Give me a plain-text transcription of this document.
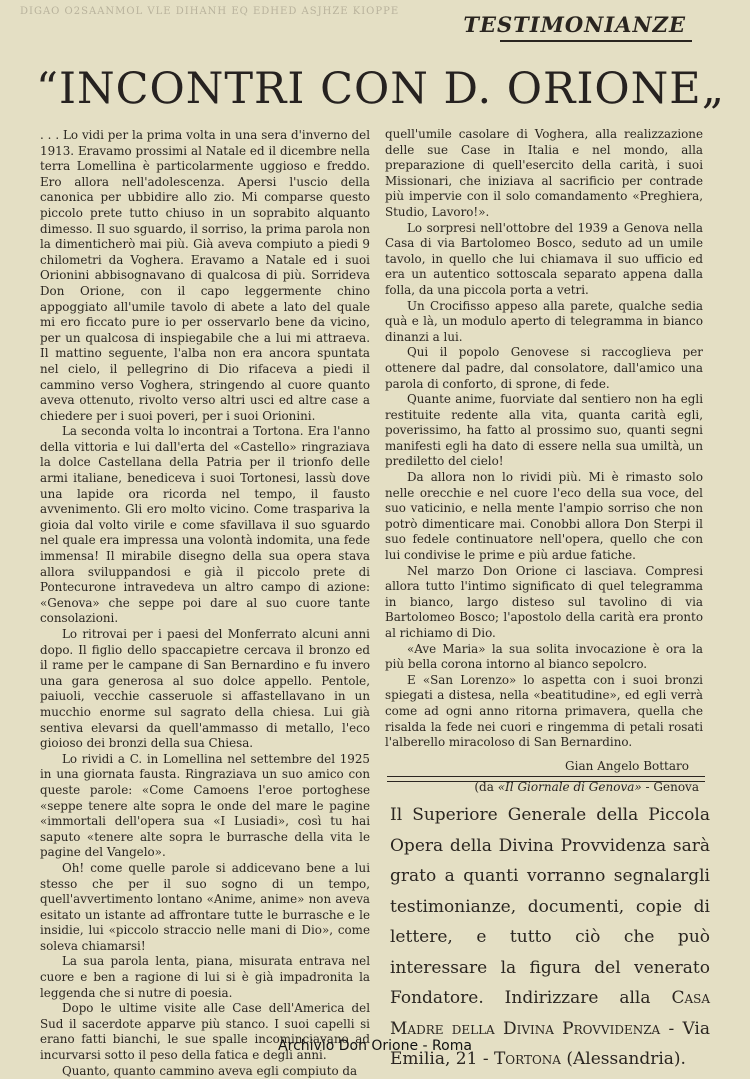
DIGAO O2SAANMOL VLE DIHANH EQ EDHED ASJHZE KIOPPE
TESTIMONIANZE
“INCONTRI CON D. ORIONE„

. . . Lo vidi per la prima volta in una sera d'inverno del 1913. Eravamo prossimi al Natale ed il dicembre nella terra Lomellina è particolarmente uggioso e freddo. Ero allora nell'adolescenza. Apersi l'uscio della canonica per ubbidire allo zio. Mi comparse questo piccolo prete tutto chiuso in un soprabito alquanto dimesso. Il suo sguardo, il sorriso, la prima parola non la dimenticherò mai più. Già aveva compiuto a piedi 9 chilometri da Voghera. Eravamo a Natale ed i suoi Orionini abbisognavano di qualcosa di più. Sorrideva Don Orione, con il capo leggermente chino appoggiato all'umile tavolo di abete a lato del quale mi ero ficcato pure io per osservarlo bene da vicino, per un qualcosa di inspiegabile che a lui mi attraeva. Il mattino seguente, l'alba non era ancora spuntata nel cielo, il pellegrino di Dio rifaceva a piedi il cammino verso Voghera, stringendo al cuore quanto aveva ottenuto, rivolto verso altri usci ed altre case a chiedere per i suoi poveri, per i suoi Orionini.

La seconda volta lo incontrai a Tortona. Era l'anno della vittoria e lui dall'erta del «Castello» ringraziava la dolce Castellana della Patria per il trionfo delle armi italiane, benediceva i suoi Tortonesi, lassù dove una lapide ora ricorda nel tempo, il fausto avvenimento. Gli ero molto vicino. Come traspariva la gioia dal volto virile e come sfavillava il suo sguardo nel quale era impressa una volontà indomita, una fede immensa! Il mirabile disegno della sua opera stava allora sviluppandosi e già il piccolo prete di Pontecurone intravedeva un altro campo di azione: «Genova» che seppe poi dare al suo cuore tante consolazioni.

Lo ritrovai per i paesi del Monferrato alcuni anni dopo. Il figlio dello spaccapietre cercava il bronzo ed il rame per le campane di San Bernardino e fu invero una gara generosa al suo dolce appello. Pentole, paiuoli, vecchie casseruole si affastellavano in un mucchio enorme sul sagrato della chiesa. Lui già sentiva elevarsi da quell'ammasso di metallo, l'eco gioioso dei bronzi della sua Chiesa.

Lo rividi a C. in Lomellina nel settembre del 1925 in una giornata fausta. Ringraziava un suo amico con queste parole: «Come Camoens l'eroe portoghese «seppe tenere alte sopra le onde del mare le pagine «immortali dell'opera sua «I Lusiadi», così tu hai saputo «tenere alte sopra le burrasche della vita le pagine del Vangelo».

Oh! come quelle parole si addicevano bene a lui stesso che per il suo sogno di un tempo, quell'avvertimento lontano «Anime, anime» non aveva esitato un istante ad affrontare tutte le burrasche e le insidie, lui «piccolo straccio nelle mani di Dio», come soleva chiamarsi!

La sua parola lenta, piana, misurata entrava nel cuore e ben a ragione di lui si è già impadronita la leggenda che si nutre di poesia.

Dopo le ultime visite alle Case dell'America del Sud il sacerdote apparve più stanco. I suoi capelli si erano fatti bianchi, le sue spalle incominciavano ad incurvarsi sotto il peso della fatica e degli anni.

Quanto, quanto cammino aveva egli compiuto da

quell'umile casolare di Voghera, alla realizzazione delle sue Case in Italia e nel mondo, alla preparazione di quell'esercito della carità, i suoi Missionari, che iniziava al sacrificio per contrade più impervie con il solo comandamento «Preghiera, Studio, Lavoro!».

Lo sorpresi nell'ottobre del 1939 a Genova nella Casa di via Bartolomeo Bosco, seduto ad un umile tavolo, in quello che lui chiamava il suo ufficio ed era un autentico sottoscala separato appena dalla folla, da una piccola porta a vetri.

Un Crocifisso appeso alla parete, qualche sedia quà e là, un modulo aperto di telegramma in bianco dinanzi a lui.

Qui il popolo Genovese si raccoglieva per ottenere dal padre, dal consolatore, dall'amico una parola di conforto, di sprone, di fede.

Quante anime, fuorviate dal sentiero non ha egli restituite redente alla vita, quanta carità egli, poverissimo, ha fatto al prossimo suo, quanti segni manifesti egli ha dato di essere nella sua umiltà, un prediletto del cielo!

Da allora non lo rividi più. Mi è rimasto solo nelle orecchie e nel cuore l'eco della sua voce, del suo vaticinio, e nella mente l'ampio sorriso che non potrò dimenticare mai. Conobbi allora Don Sterpi il suo fedele continuatore nell'opera, quello che con lui condivise le prime e più ardue fatiche.

Nel marzo Don Orione ci lasciava. Compresi allora tutto l'intimo significato di quel telegramma in bianco, largo disteso sul tavolino di via Bartolomeo Bosco; l'apostolo della carità era pronto al richiamo di Dio.

«Ave Maria» la sua solita invocazione è ora la più bella corona intorno al bianco sepolcro.

E «San Lorenzo» lo aspetta con i suoi bronzi spiegati a distesa, nella «beatitudine», ed egli verrà come ad ogni anno ritorna primavera, quella che risalda la fede nei cuori e ringemma di petali rosati l'alberello miracoloso di San Bernardino.

Gian Angelo Bottaro
(da «Il Giornale di Genova» - Genova
Il Superiore Generale della Piccola Opera della Divina Provvidenza sarà grato a quanti vorranno segnalargli testimonianze, documenti, copie di lettere, e tutto ciò che può interessare la figura del venerato Fondatore. Indirizzare alla Casa Madre della Divina Provvidenza - Via Emilia, 21 - Tortona (Alessandria).
Archivio Don Orione - Roma
